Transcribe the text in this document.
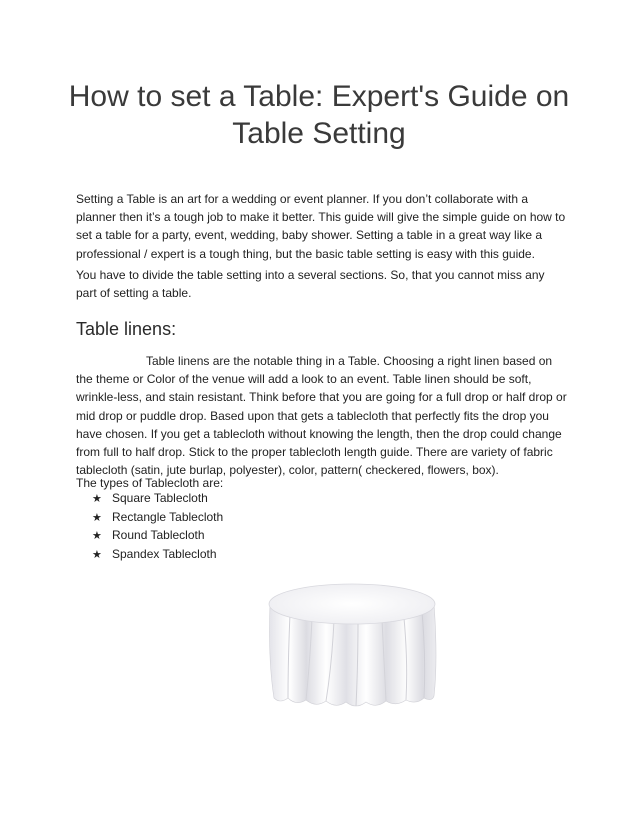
How to set a Table: Expert's Guide on Table Setting

Setting a Table is an art for a wedding or event planner. If you don’t collaborate with a planner then it’s a tough job to make it better. This guide will give the simple guide on how to set a table for a party, event, wedding, baby shower. Setting a table in a great way like a professional / expert is a tough thing, but the basic table setting is easy with this guide.

You have to divide the table setting into a several sections. So, that you cannot miss any part of setting a table.

Table linens:

Table linens are the notable thing in a Table. Choosing a right linen based on the theme or Color of the venue will add a look to an event. Table linen should be soft, wrinkle-less, and stain resistant. Think before that you are going for a full drop or half drop or mid drop or puddle drop. Based upon that gets a tablecloth that perfectly fits the drop you have chosen. If you get a tablecloth without knowing the length, then the drop could change from full to half drop. Stick to the proper tablecloth length guide. There are variety of fabric tablecloth (satin, jute burlap, polyester), color, pattern( checkered, flowers, box).

The types of Tablecloth are:

★ Square Tablecloth
★ Rectangle Tablecloth
★ Round Tablecloth
★ Spandex Tablecloth
